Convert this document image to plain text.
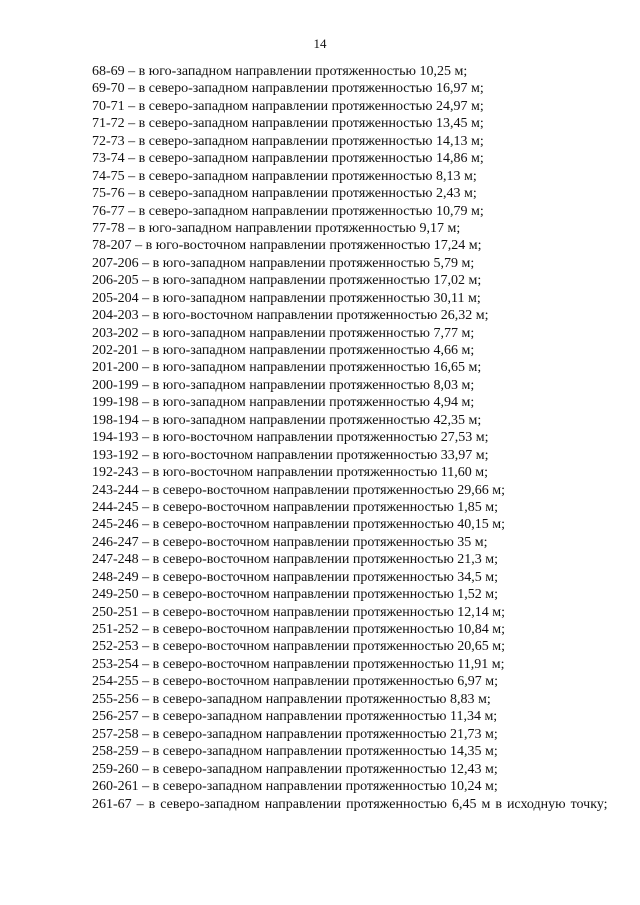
14
68-69 – в юго-западном направлении протяженностью 10,25 м;
69-70 – в северо-западном направлении протяженностью 16,97 м;
70-71 – в северо-западном направлении протяженностью 24,97 м;
71-72 – в северо-западном направлении протяженностью 13,45 м;
72-73 – в северо-западном направлении протяженностью 14,13 м;
73-74 – в северо-западном направлении протяженностью 14,86 м;
74-75 – в северо-западном направлении протяженностью 8,13 м;
75-76 – в северо-западном направлении протяженностью 2,43 м;
76-77 – в северо-западном направлении протяженностью 10,79 м;
77-78 – в юго-западном направлении протяженностью 9,17 м;
78-207 – в юго-восточном направлении протяженностью 17,24 м;
207-206 – в юго-западном направлении протяженностью 5,79 м;
206-205 – в юго-западном направлении протяженностью 17,02 м;
205-204 – в юго-западном направлении протяженностью 30,11 м;
204-203 – в юго-восточном направлении протяженностью 26,32 м;
203-202 – в юго-западном направлении протяженностью 7,77 м;
202-201 – в юго-западном направлении протяженностью 4,66 м;
201-200 – в юго-западном направлении протяженностью 16,65 м;
200-199 – в юго-западном направлении протяженностью 8,03 м;
199-198 – в юго-западном направлении протяженностью 4,94 м;
198-194 – в юго-западном направлении протяженностью 42,35 м;
194-193 – в юго-восточном направлении протяженностью 27,53 м;
193-192 – в юго-восточном направлении протяженностью 33,97 м;
192-243 – в юго-восточном направлении протяженностью 11,60 м;
243-244 – в северо-восточном направлении протяженностью 29,66 м;
244-245 – в северо-восточном направлении протяженностью 1,85 м;
245-246 – в северо-восточном направлении протяженностью 40,15 м;
246-247 – в северо-восточном направлении протяженностью 35 м;
247-248 – в северо-восточном направлении протяженностью 21,3 м;
248-249 – в северо-восточном направлении протяженностью 34,5 м;
249-250 – в северо-восточном направлении протяженностью 1,52 м;
250-251 – в северо-восточном направлении протяженностью 12,14 м;
251-252 – в северо-восточном направлении протяженностью 10,84 м;
252-253 – в северо-восточном направлении протяженностью 20,65 м;
253-254 – в северо-восточном направлении протяженностью 11,91 м;
254-255 – в северо-восточном направлении протяженностью 6,97 м;
255-256 – в северо-западном направлении протяженностью 8,83 м;
256-257 – в северо-западном направлении протяженностью 11,34 м;
257-258 – в северо-западном направлении протяженностью 21,73 м;
258-259 – в северо-западном направлении протяженностью 14,35 м;
259-260 – в северо-западном направлении протяженностью 12,43 м;
260-261 – в северо-западном направлении протяженностью 10,24 м;

261-67 – в северо-западном направлении протяженностью 6,45 м в исходную точку;
